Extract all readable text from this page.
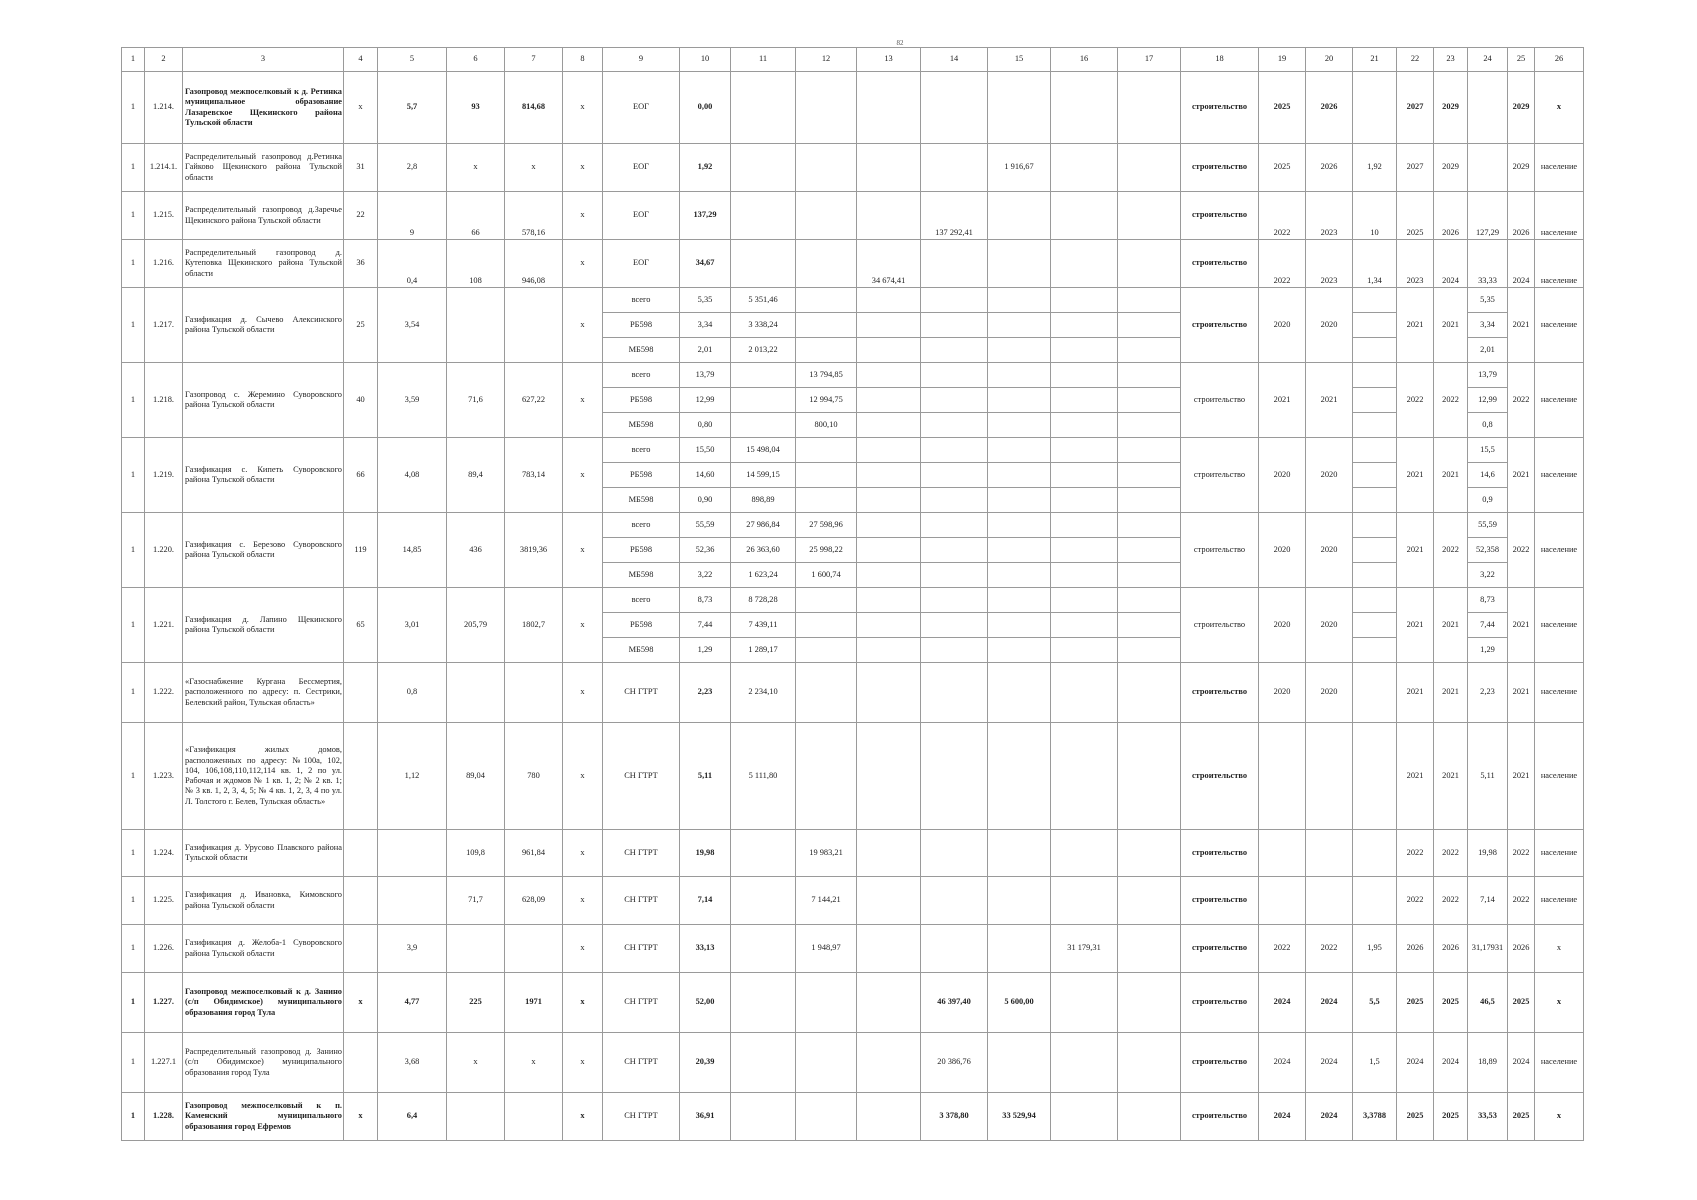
82
1	2	3	4	5	6	7	8	9	10	11	12	13	14	15	16	17	18	19	20	21	22	23	24	25	26
1	1.214.	Газопровод межпоселковый к д. Ретинка муниципальное образование Лазаревское Щекинского района Тульской области	х	5,7	93	814,68	х	ЕОГ	0,00								строительство	2025	2026		2027	2029		2029	х
1	1.214.1.	Распределительный газопровод д.Ретинка Гайково Щекинского района Тульской области	31	2,8	х	х	х	ЕОГ	1,92					1 916,67			строительство	2025	2026	1,92	2027	2029		2029	население
1	1.215.	Распределительный газопровод д.Заречье Щекинского района Тульской области	22	9	66	578,16	х	ЕОГ	137,29				137 292,41				строительство	2022	2023	10	2025	2026	127,29	2026	население
1	1.216.	Распределительный газопровод д. Кутеповка Щекинского района Тульской области	36	0,4	108	946,08	х	ЕОГ	34,67			34 674,41					строительство	2022	2023	1,34	2023	2024	33,33	2024	население
1	1.217.	Газификация д. Сычево Алексинского района Тульской области	25	3,54			х	всего	5,35	5 351,46							строительство	2020	2020		2021	2021	5,35	2021	население
								РБ598	3,34	3 338,24													3,34		
								МБ598	2,01	2 013,22													2,01		
1	1.218.	Газопровод с. Жеремино Суворовского района Тульской области	40	3,59	71,6	627,22	х	всего	13,79		13 794,85						строительство	2021	2021		2022	2022	13,79	2022	население
								РБ598	12,99		12 994,75												12,99		
								МБ598	0,80		800,10												0,8		
1	1.219.	Газификация с. Кипеть Суворовского района Тульской области	66	4,08	89,4	783,14	х	всего	15,50	15 498,04							строительство	2020	2020		2021	2021	15,5	2021	население
								РБ598	14,60	14 599,15													14,6		
								МБ598	0,90	898,89													0,9		
1	1.220.	Газификация с. Березово Суворовского района Тульской области	119	14,85	436	3819,36	х	всего	55,59	27 986,84	27 598,96						строительство	2020	2020		2021	2022	55,59	2022	население
								РБ598	52,36	26 363,60	25 998,22												52,358		
								МБ598	3,22	1 623,24	1 600,74												3,22		
1	1.221.	Газификация д. Лапино Щекинского района Тульской области	65	3,01	205,79	1802,7	х	всего	8,73	8 728,28							строительство	2020	2020		2021	2021	8,73	2021	население
								РБ598	7,44	7 439,11													7,44		
								МБ598	1,29	1 289,17													1,29		
1	1.222.	«Газоснабжение Кургана Бессмертия, расположенного по адресу: п. Сестрики, Белевский район, Тульская область»		0,8			х	СН ГТРТ	2,23	2 234,10							строительство	2020	2020		2021	2021	2,23	2021	население
1	1.223.	«Газификация жилых домов, расположенных по адресу: №100а, 102, 104, 106,108,110,112,114 кв. 1, 2 по ул. Рабочая и ждомов № 1 кв. 1, 2; № 2 кв. 1; № 3 кв. 1, 2, 3, 4, 5; № 4 кв. 1, 2, 3, 4 по ул. Л. Толстого г. Белев, Тульская область»		1,12	89,04	780	х	СН ГТРТ	5,11	5 111,80							строительство				2021	2021	5,11	2021	население
1	1.224.	Газификация д. Урусово Плавского района Тульской области			109,8	961,84	х	СН ГТРТ	19,98		19 983,21						строительство				2022	2022	19,98	2022	население
1	1.225.	Газификация д. Ивановка, Кимовского района Тульской области			71,7	628,09	х	СН ГТРТ	7,14		7 144,21						строительство				2022	2022	7,14	2022	население
1	1.226.	Газификация д. Желоба-1 Суворовского района Тульской области		3,9			х	СН ГТРТ	33,13		1 948,97				31 179,31		строительство	2022	2022	1,95	2026	2026	31,17931	2026	х
1	1.227.	Газопровод межпоселковый к д. Занино (с/п Обидимское) муниципального образования город Тула	х	4,77	225	1971	х	СН ГТРТ	52,00				46 397,40	5 600,00			строительство	2024	2024	5,5	2025	2025	46,5	2025	х
1	1.227.1	Распределительный газопровод д. Занино (с/п Обидимское) муниципального образования город Тула		3,68	х	х	х	СН ГТРТ	20,39				20 386,76				строительство	2024	2024	1,5	2024	2024	18,89	2024	население
1	1.228.	Газопровод межпоселковый к п. Каменский муниципального образования город Ефремов	х	6,4			х	СН ГТРТ	36,91				3 378,80	33 529,94			строительство	2024	2024	3,3788	2025	2025	33,53	2025	х
